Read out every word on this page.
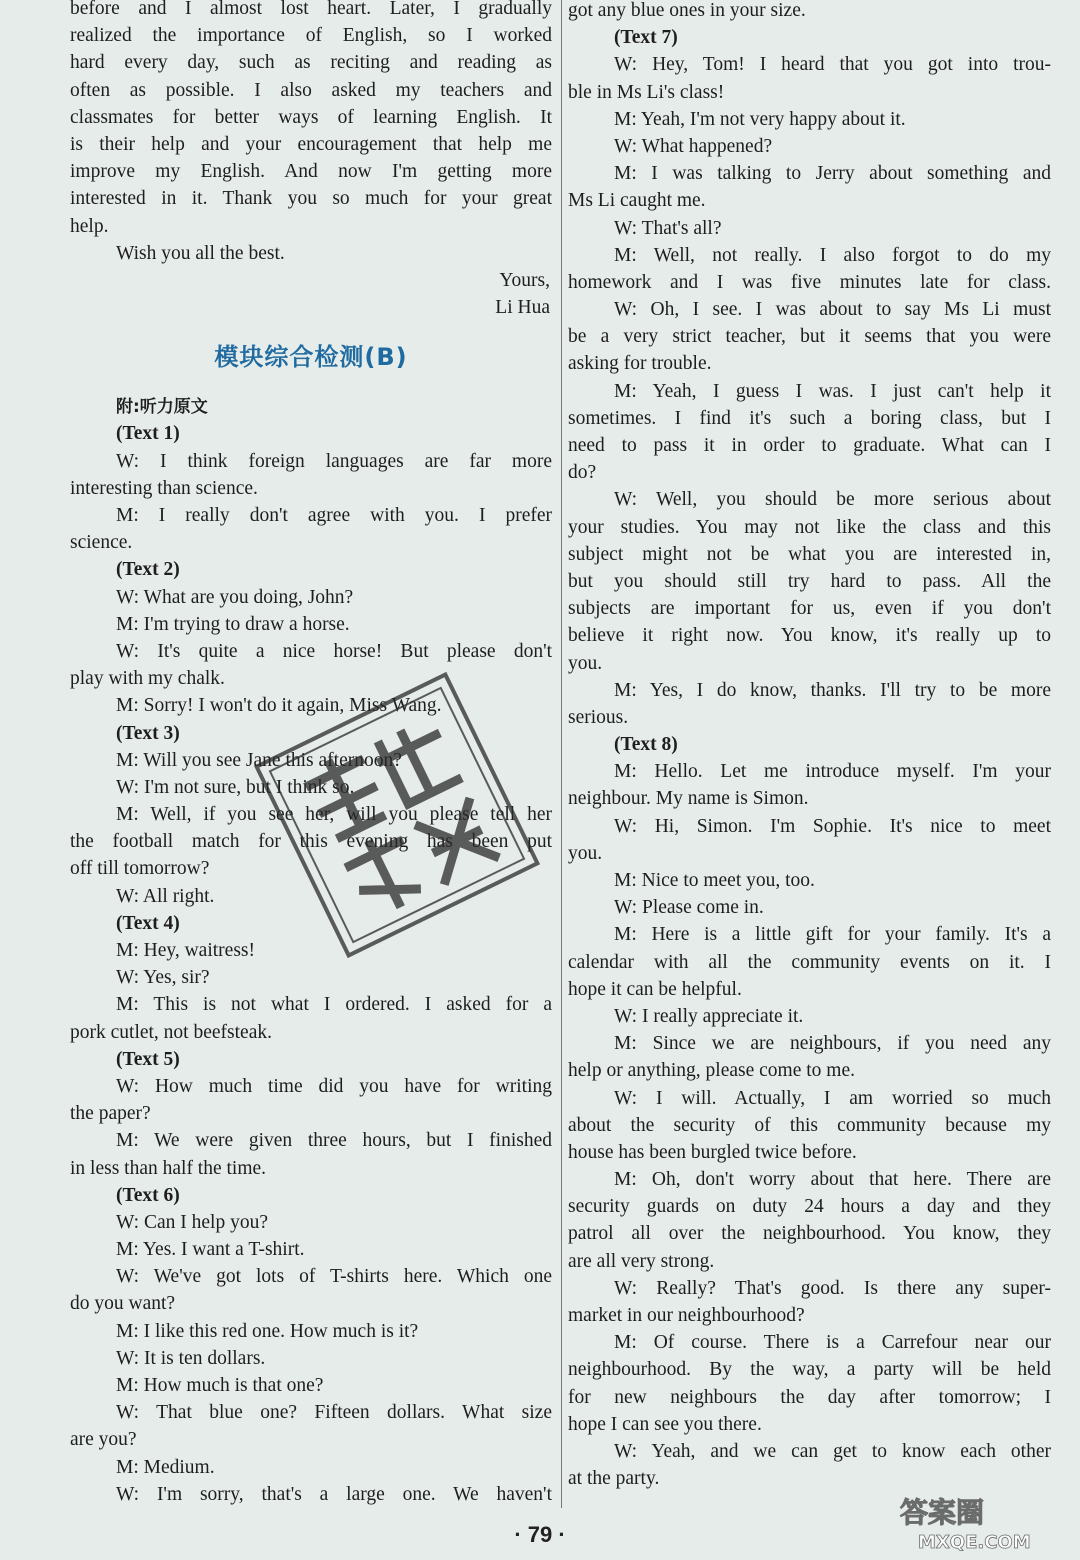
before and I almost lost heart. Later, I gradually
realized the importance of English, so I worked
hard every day, such as reciting and reading as
often as possible. I also asked my teachers and
classmates for better ways of learning English. It
is their help and your encouragement that help me
improve my English. And now I'm getting more
interested in it. Thank you so much for your great
help.
Wish you all the best.
Yours,
Li Hua
模块综合检测(B)
附:听力原文
(Text 1)
W: I think foreign languages are far more
interesting than science.
M: I really don't agree with you. I prefer
science.
(Text 2)
W: What are you doing, John?
M: I'm trying to draw a horse.
W: It's quite a nice horse! But please don't
play with my chalk.
M: Sorry! I won't do it again, Miss Wang.
(Text 3)
M: Will you see Jane this afternoon?
W: I'm not sure, but I think so.
M: Well, if you see her, will you please tell her
the football match for this evening has been put
off till tomorrow?
W: All right.
(Text 4)
M: Hey, waitress!
W: Yes, sir?
M: This is not what I ordered. I asked for a
pork cutlet, not beefsteak.
(Text 5)
W: How much time did you have for writing
the paper?
M: We were given three hours, but I finished
in less than half the time.
(Text 6)
W: Can I help you?
M: Yes. I want a T-shirt.
W: We've got lots of T-shirts here. Which one
do you want?
M: I like this red one. How much is it?
W: It is ten dollars.
M: How much is that one?
W: That blue one? Fifteen dollars. What size
are you?
M: Medium.
W: I'm sorry, that's a large one. We haven't
got any blue ones in your size.
(Text 7)
W: Hey, Tom! I heard that you got into trou-
ble in Ms Li's class!
M: Yeah, I'm not very happy about it.
W: What happened?
M: I was talking to Jerry about something and
Ms Li caught me.
W: That's all?
M: Well, not really. I also forgot to do my
homework and I was five minutes late for class.
W: Oh, I see. I was about to say Ms Li must
be a very strict teacher, but it seems that you were
asking for trouble.
M: Yeah, I guess I was. I just can't help it
sometimes. I find it's such a boring class, but I
need to pass it in order to graduate. What can I
do?
W: Well, you should be more serious about
your studies. You may not like the class and this
subject might not be what you are interested in,
but you should still try hard to pass. All the
subjects are important for us, even if you don't
believe it right now. You know, it's really up to
you.
M: Yes, I do know, thanks. I'll try to be more
serious.
(Text 8)
M: Hello. Let me introduce myself. I'm your
neighbour. My name is Simon.
W: Hi, Simon. I'm Sophie. It's nice to meet
you.
M: Nice to meet you, too.
W: Please come in.
M: Here is a little gift for your family. It's a
calendar with all the community events on it. I
hope it can be helpful.
W: I really appreciate it.
M: Since we are neighbours, if you need any
help or anything, please come to me.
W: I will. Actually, I am worried so much
about the security of this community because my
house has been burgled twice before.
M: Oh, don't worry about that here. There are
security guards on duty 24 hours a day and they
patrol all over the neighbourhood. You know, they
are all very strong.
W: Really? That's good. Is there any super-
market in our neighbourhood?
M: Of course. There is a Carrefour near our
neighbourhood. By the way, a party will be held
for new neighbours the day after tomorrow; I
hope I can see you there.
W: Yeah, and we can get to know each other
at the party.
· 79 ·
答案圈
MXQE.COM
